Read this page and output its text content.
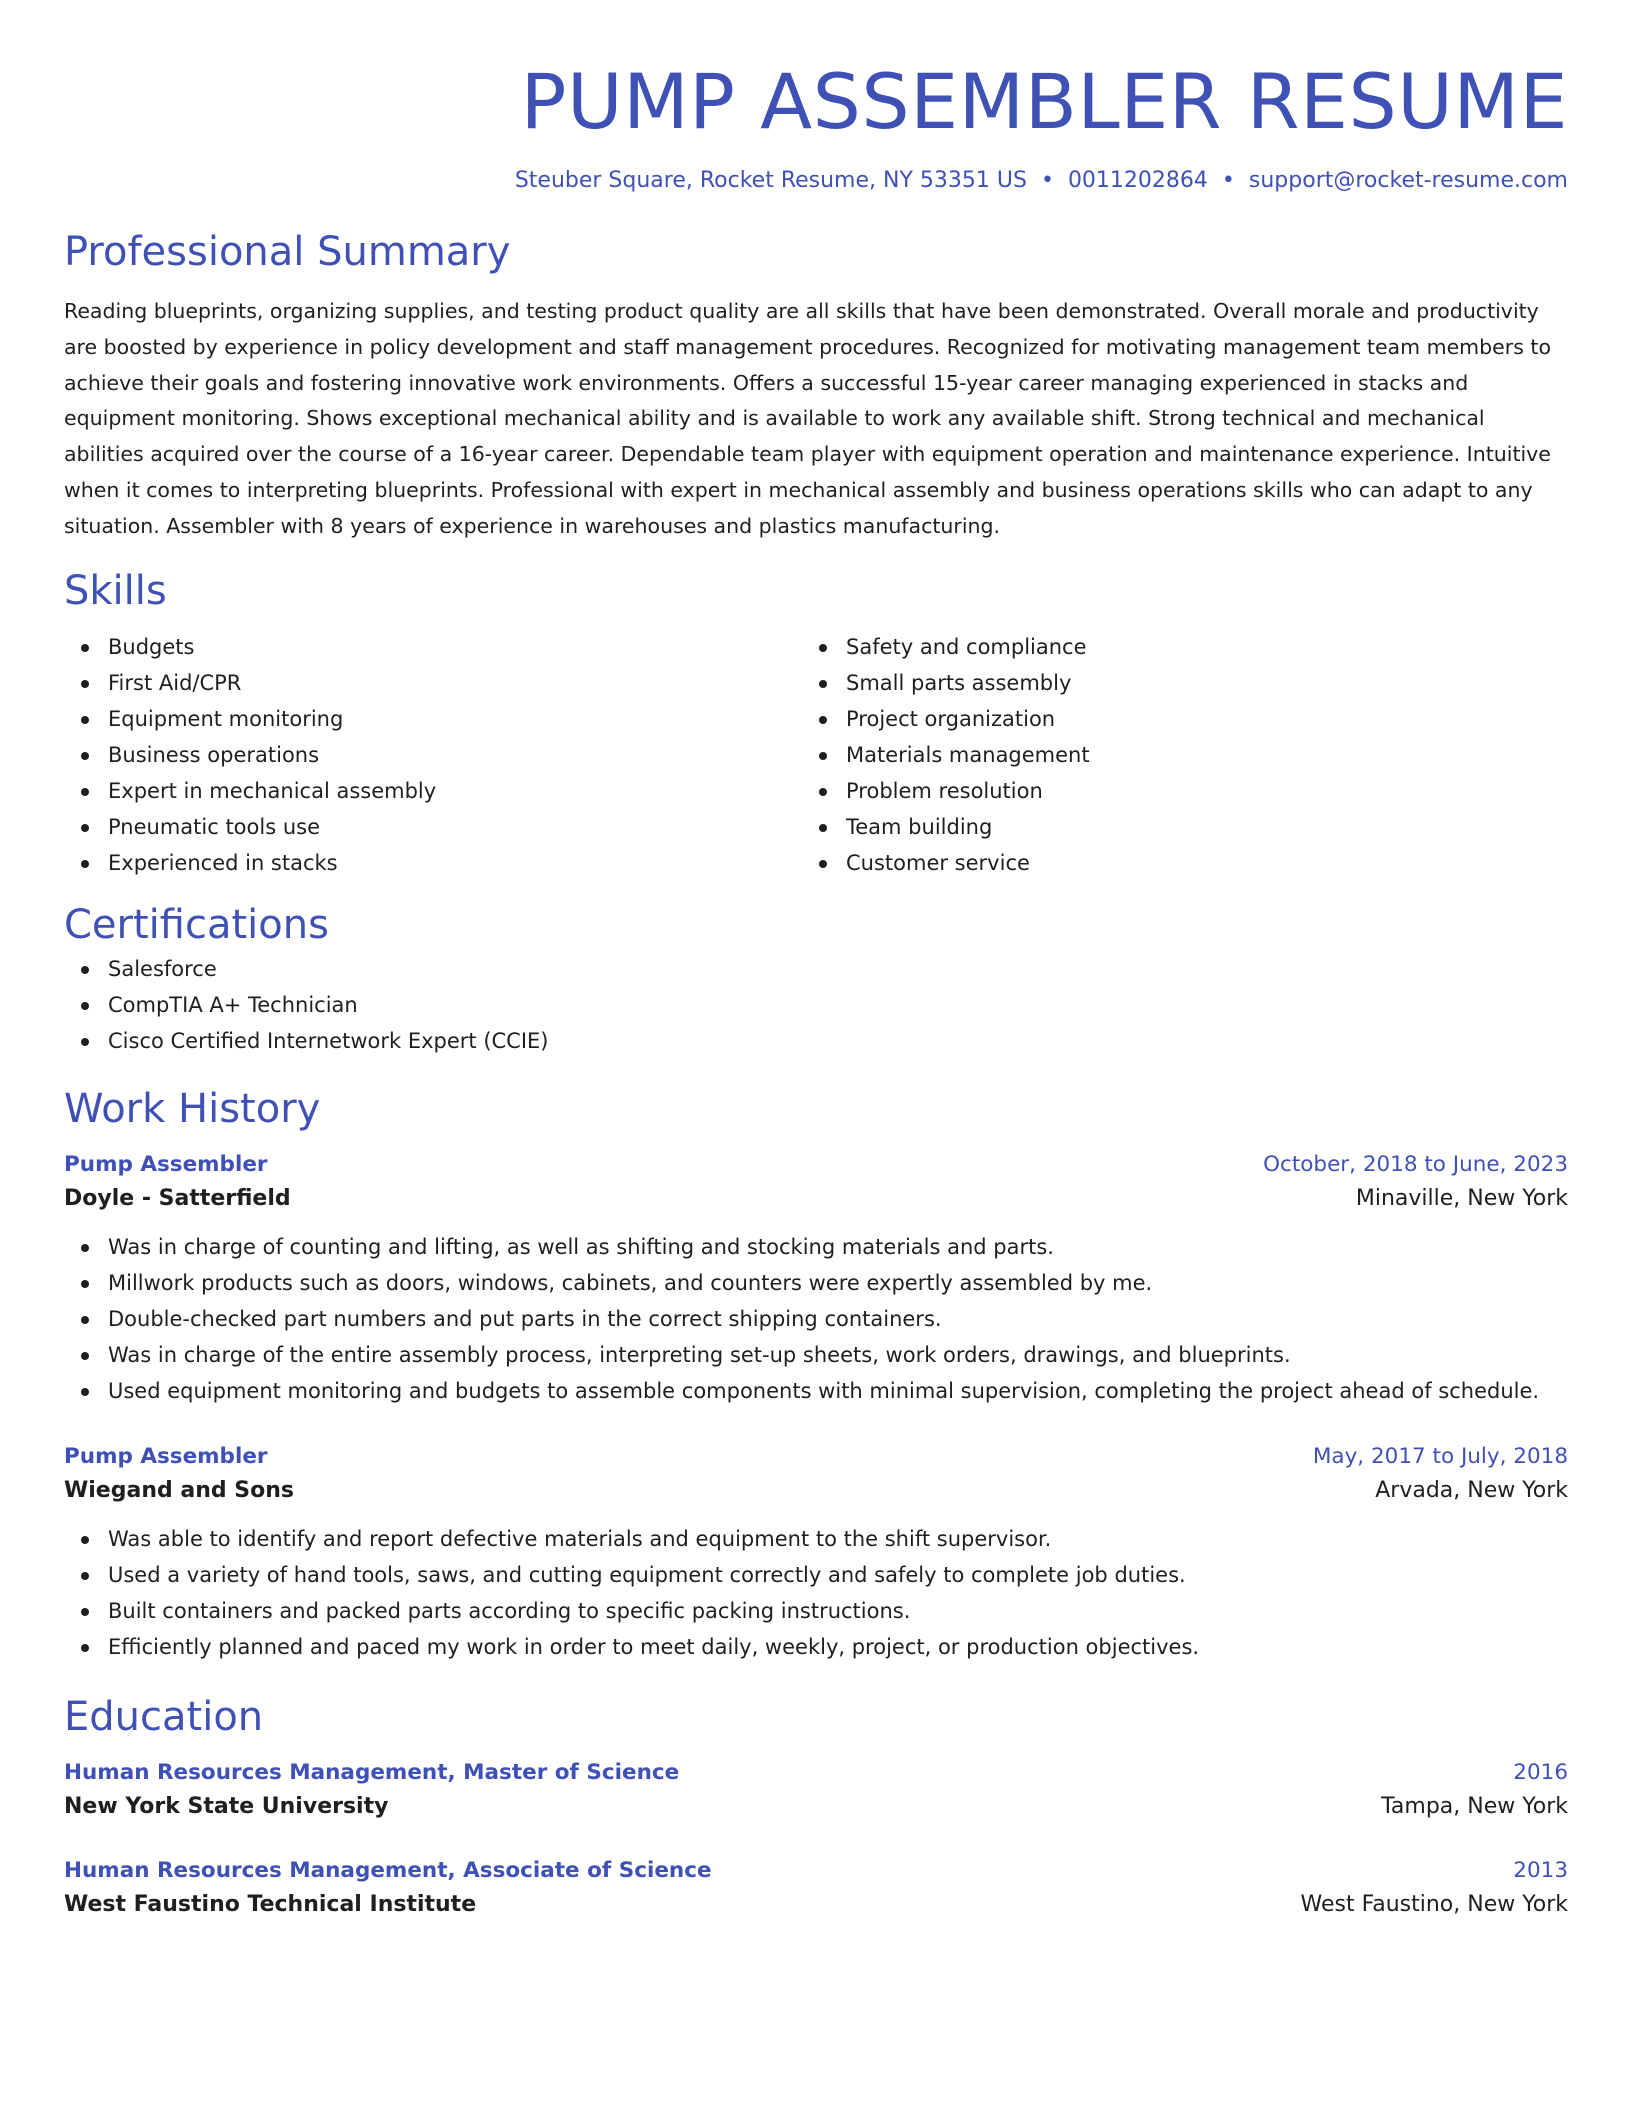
PUMP ASSEMBLER RESUME
Steuber Square, Rocket Resume, NY 53351 US • 0011202864 • support@rocket-resume.com
Professional Summary
Reading blueprints, organizing supplies, and testing product quality are all skills that have been demonstrated. Overall morale and productivity are boosted by experience in policy development and staff management procedures. Recognized for motivating management team members to achieve their goals and fostering innovative work environments. Offers a successful 15-year career managing experienced in stacks and equipment monitoring. Shows exceptional mechanical ability and is available to work any available shift. Strong technical and mechanical abilities acquired over the course of a 16-year career. Dependable team player with equipment operation and maintenance experience. Intuitive when it comes to interpreting blueprints. Professional with expert in mechanical assembly and business operations skills who can adapt to any situation. Assembler with 8 years of experience in warehouses and plastics manufacturing.
Skills
Budgets
First Aid/CPR
Equipment monitoring
Business operations
Expert in mechanical assembly
Pneumatic tools use
Experienced in stacks
Safety and compliance
Small parts assembly
Project organization
Materials management
Problem resolution
Team building
Customer service
Certifications
Salesforce
CompTIA A+ Technician
Cisco Certified Internetwork Expert (CCIE)
Work History
Pump Assembler	October, 2018 to June, 2023
Doyle - Satterfield	Minaville, New York
Was in charge of counting and lifting, as well as shifting and stocking materials and parts.
Millwork products such as doors, windows, cabinets, and counters were expertly assembled by me.
Double-checked part numbers and put parts in the correct shipping containers.
Was in charge of the entire assembly process, interpreting set-up sheets, work orders, drawings, and blueprints.
Used equipment monitoring and budgets to assemble components with minimal supervision, completing the project ahead of schedule.
Pump Assembler	May, 2017 to July, 2018
Wiegand and Sons	Arvada, New York
Was able to identify and report defective materials and equipment to the shift supervisor.
Used a variety of hand tools, saws, and cutting equipment correctly and safely to complete job duties.
Built containers and packed parts according to specific packing instructions.
Efficiently planned and paced my work in order to meet daily, weekly, project, or production objectives.
Education
Human Resources Management, Master of Science	2016
New York State University	Tampa, New York
Human Resources Management, Associate of Science	2013
West Faustino Technical Institute	West Faustino, New York
